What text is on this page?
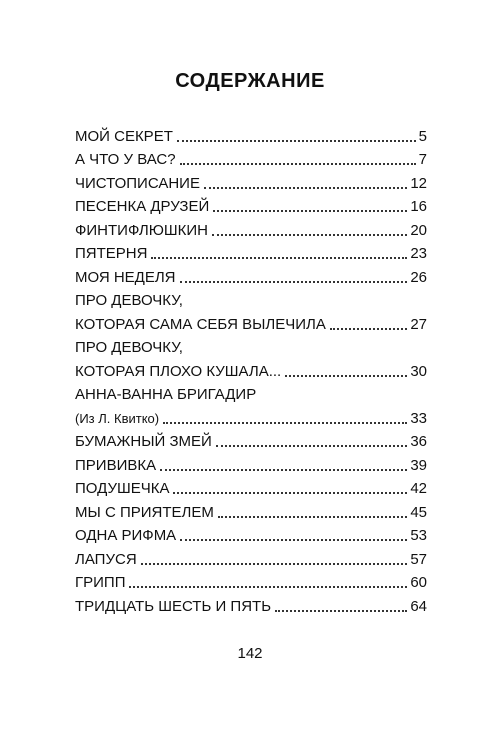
СОДЕРЖАНИЕ
МОЙ СЕКРЕТ	5
А ЧТО У ВАС?	7
ЧИСТОПИСАНИЕ	12
ПЕСЕНКА ДРУЗЕЙ	16
ФИНТИФЛЮШКИН	20
ПЯТЕРНЯ	23
МОЯ НЕДЕЛЯ	26
ПРО ДЕВОЧКУ,
КОТОРАЯ САМА СЕБЯ ВЫЛЕЧИЛА	27
ПРО ДЕВОЧКУ,
КОТОРАЯ ПЛОХО КУШАЛА...	30
АННА-ВАННА БРИГАДИР
(Из Л. Квитко)	33
БУМАЖНЫЙ ЗМЕЙ	36
ПРИВИВКА	39
ПОДУШЕЧКА	42
МЫ С ПРИЯТЕЛЕМ	45
ОДНА РИФМА	53
ЛАПУСЯ	57
ГРИПП	60
ТРИДЦАТЬ ШЕСТЬ И ПЯТЬ	64
142
